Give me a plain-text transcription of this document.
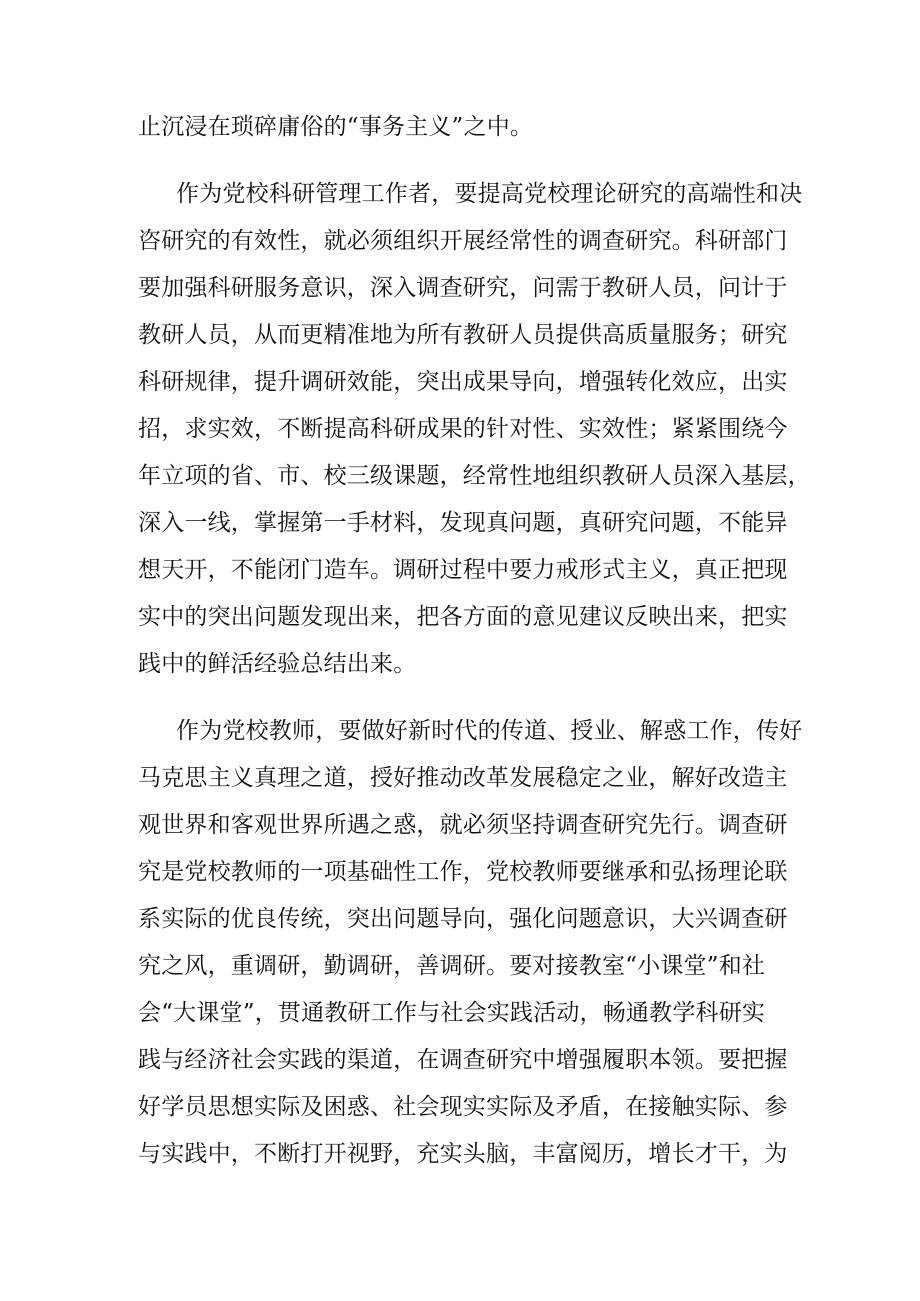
止沉浸在琐碎庸俗的“事务主义”之中。
作为党校科研管理工作者，要提高党校理论研究的高端性和决
咨研究的有效性，就必须组织开展经常性的调查研究。科研部门
要加强科研服务意识，深入调查研究，问需于教研人员，问计于
教研人员，从而更精准地为所有教研人员提供高质量服务；研究
科研规律，提升调研效能，突出成果导向，增强转化效应，出实
招，求实效，不断提高科研成果的针对性、实效性；紧紧围绕今
年立项的省、市、校三级课题，经常性地组织教研人员深入基层，
深入一线，掌握第一手材料，发现真问题，真研究问题，不能异
想天开，不能闭门造车。调研过程中要力戒形式主义，真正把现
实中的突出问题发现出来，把各方面的意见建议反映出来，把实
践中的鲜活经验总结出来。
作为党校教师，要做好新时代的传道、授业、解惑工作，传好
马克思主义真理之道，授好推动改革发展稳定之业，解好改造主
观世界和客观世界所遇之惑，就必须坚持调查研究先行。调查研
究是党校教师的一项基础性工作，党校教师要继承和弘扬理论联
系实际的优良传统，突出问题导向，强化问题意识，大兴调查研
究之风，重调研，勤调研，善调研。要对接教室“小课堂”和社
会“大课堂”，贯通教研工作与社会实践活动，畅通教学科研实
践与经济社会实践的渠道，在调查研究中增强履职本领。要把握
好学员思想实际及困惑、社会现实实际及矛盾，在接触实际、参
与实践中，不断打开视野，充实头脑，丰富阅历，增长才干，为
